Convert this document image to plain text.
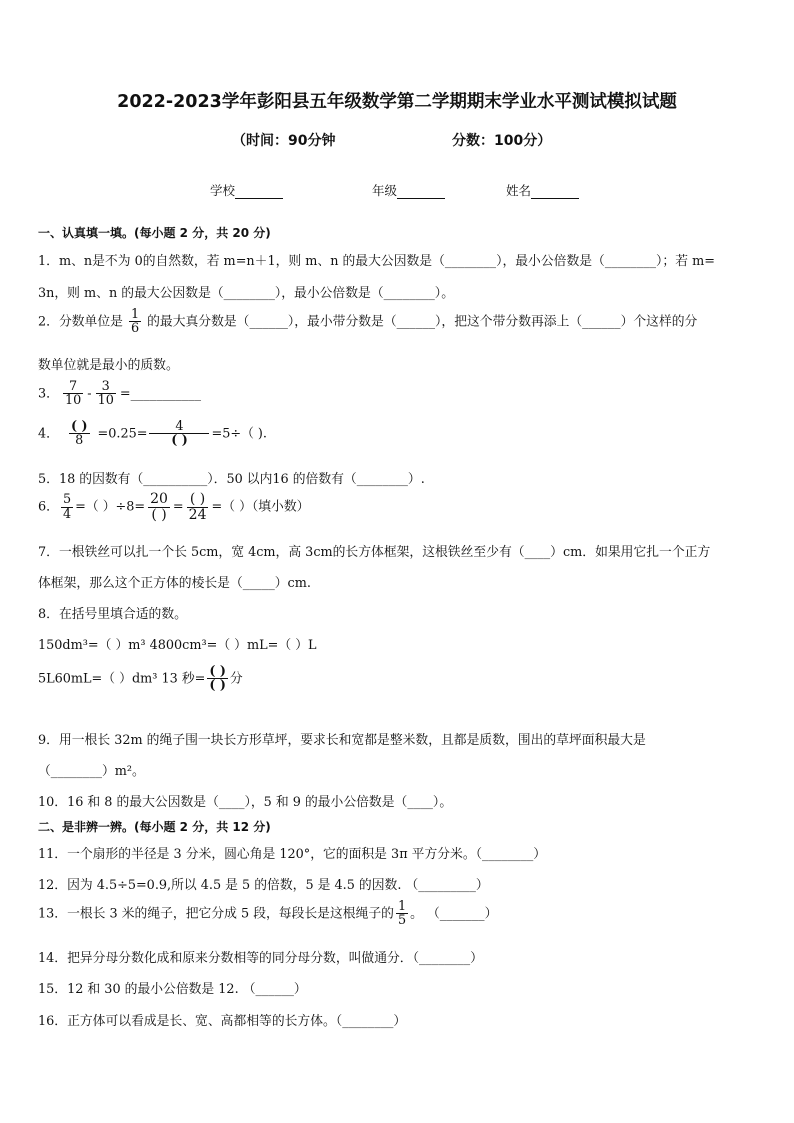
2022-2023学年彭阳县五年级数学第二学期期末学业水平测试模拟试题
（时间：90分钟	分数：100分）
学校	年级	姓名
一、认真填一填。(每小题 2 分，共 20 分)
1．m、n是不为 0的自然数，若 m=n＋1，则 m、n 的最大公因数是（________），最小公倍数是（________）；若 m=
3n，则 m、n 的最大公因数是（________），最小公倍数是（________）。
2．分数单位是 $\frac{1}{6}$ 的最大真分数是（______），最小带分数是（______），把这个带分数再添上（______）个这样的分
数单位就是最小的质数。
3． $\frac{7}{10} - \frac{3}{10}$ =___________
4． $\frac{( )}{8} =0.25= \frac{4}{( )} =5\div$（ ).
5．18 的因数有（__________）．50 以内16 的倍数有（________）.
6． $\frac{5}{4}$ =（ ）$\div 8= \frac{20}{( )} = \frac{( )}{24}$ =（ ）（填小数）
7．一根铁丝可以扎一个长 5cm，宽 4cm，高 3cm的长方体框架，这根铁丝至少有（____）cm．如果用它扎一个正方
体框架，那么这个正方体的棱长是（_____）cm.
8．在括号里填合适的数。
150dm³=（ ）m³ 4800cm³=（ ）mL=（ ）L
5L60mL=（ ）dm³ 13 秒= $\frac{( )}{( )}$ 分
9．用一根长 32m 的绳子围一块长方形草坪，要求长和宽都是整米数，且都是质数，围出的草坪面积最大是
（________）m²。
10．16 和 8 的最大公因数是（____），5 和 9 的最小公倍数是（____）。
二、是非辨一辨。(每小题 2 分，共 12 分)
11．一个扇形的半径是 3 分米，圆心角是 120°，它的面积是 3π 平方分米。（________）
12．因为 4.5÷5=0.9,所以 4.5 是 5 的倍数，5 是 4.5 的因数. （_________）
13．一根长 3 米的绳子，把它分成 5 段，每段长是这根绳子的 $\frac{1}{5}$ 。 （_______）
14．把异分母分数化成和原来分数相等的同分母分数，叫做通分．（________）
15．12 和 30 的最小公倍数是 12. （______）
16．正方体可以看成是长、宽、高都相等的长方体。（________）
